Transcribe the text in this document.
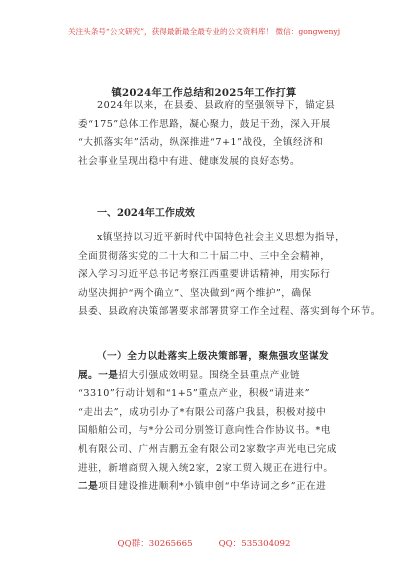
关注头条号“公文研究”，获得最新最全最专业的公文资料库！ 微信：gongwenyj
镇2024年工作总结和2025年工作打算
2024年以来，在县委、县政府的坚强领导下，锚定县
委“175”总体工作思路，凝心聚力，鼓足干劲，深入开展
“大抓落实年”活动，纵深推进“7+1”战役，全镇经济和
社会事业呈现出稳中有进、健康发展的良好态势。
一、2024年工作成效
x镇坚持以习近平新时代中国特色社会主义思想为指导，
全面贯彻落实党的二十大和二十届二中、三中全会精神，
深入学习习近平总书记考察江西重要讲话精神，用实际行
动坚决拥护“两个确立”、坚决做到“两个维护”，确保
县委、县政府决策部署要求部署贯穿工作全过程、落实到每个环节。
（一）全力以赴落实上级决策部署，聚焦强攻坚谋发
展。一是招大引强成效明显。围绕全县重点产业链
“3310”行动计划和“1+5”重点产业，积极“请进来”
“走出去”，成功引办了*有限公司落户我县，积极对接中
国船舶公司，与*分公司分别签订意向性合作协议书。*电
机有限公司、广州吉鹏五金有限公司2家数字声光电已完成
进驻，新增商贸入规入统2家，2家工贸入规正在进行中。
二是项目建设推进顺利*小镇申创“中华诗词之乡”正在进
QQ群：30265665	QQ：535304092
